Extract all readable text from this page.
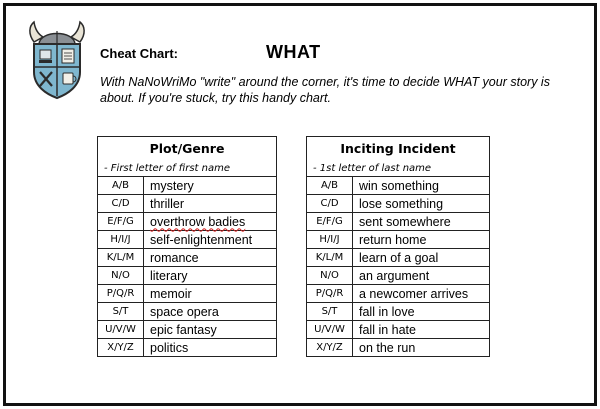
Cheat Chart:	WHAT
With NaNoWriMo "write" around the corner, it's time to decide WHAT your story is about. If you're stuck, try this handy chart.
Plot/Genre	
- First letter of first name	
A/B	mystery
C/D	thriller
E/F/G	overthrow badies
H/I/J	self-enlightenment
K/L/M	romance
N/O	literary
P/Q/R	memoir
S/T	space opera
U/V/W	epic fantasy
X/Y/Z	politics
Inciting Incident	
- 1st letter of last name	
A/B	win something
C/D	lose something
E/F/G	sent somewhere
H/I/J	return home
K/L/M	learn of a goal
N/O	an argument
P/Q/R	a newcomer arrives
S/T	fall in love
U/V/W	fall in hate
X/Y/Z	on the run
